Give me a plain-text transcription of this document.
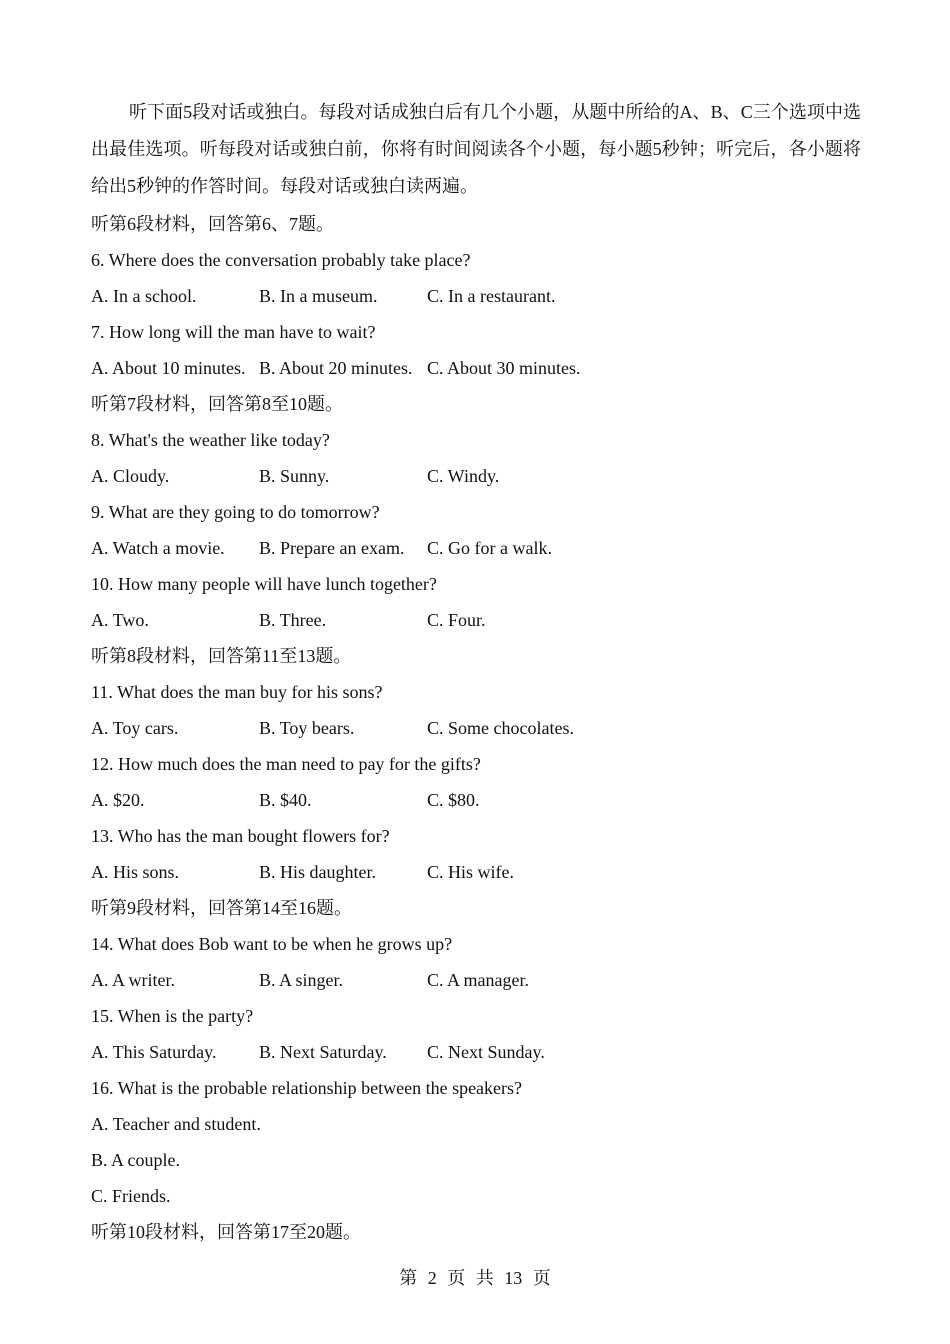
听下面5段对话或独白。每段对话成独白后有几个小题，从题中所给的A、B、C三个选项中选出最佳选项。听每段对话或独白前，你将有时间阅读各个小题，每小题5秒钟；听完后，各小题将给出5秒钟的作答时间。每段对话或独白读两遍。
听第6段材料，回答第6、7题。
6. Where does the conversation probably take place?
A. In a school.	B. In a museum.	C. In a restaurant.
7. How long will the man have to wait?
A. About 10 minutes. B. About 20 minutes. C. About 30 minutes.
听第7段材料，回答第8至10题。
8. What's the weather like today?
A. Cloudy.	B. Sunny.	C. Windy.
9. What are they going to do tomorrow?
A. Watch a movie.	B. Prepare an exam.	C. Go for a walk.
10. How many people will have lunch together?
A. Two.	B. Three.	C. Four.
听第8段材料，回答第11至13题。
11. What does the man buy for his sons?
A. Toy cars.	B. Toy bears.	C. Some chocolates.
12. How much does the man need to pay for the gifts?
A. $20.	B. $40.	C. $80.
13. Who has the man bought flowers for?
A. His sons.	B. His daughter.	C. His wife.
听第9段材料，回答第14至16题。
14. What does Bob want to be when he grows up?
A. A writer.	B. A singer.	C. A manager.
15. When is the party?
A. This Saturday.	B. Next Saturday.	C. Next Sunday.
16. What is the probable relationship between the speakers?
A. Teacher and student.
B. A couple.
C. Friends.
听第10段材料，回答第17至20题。
第 2 页 共 13 页
